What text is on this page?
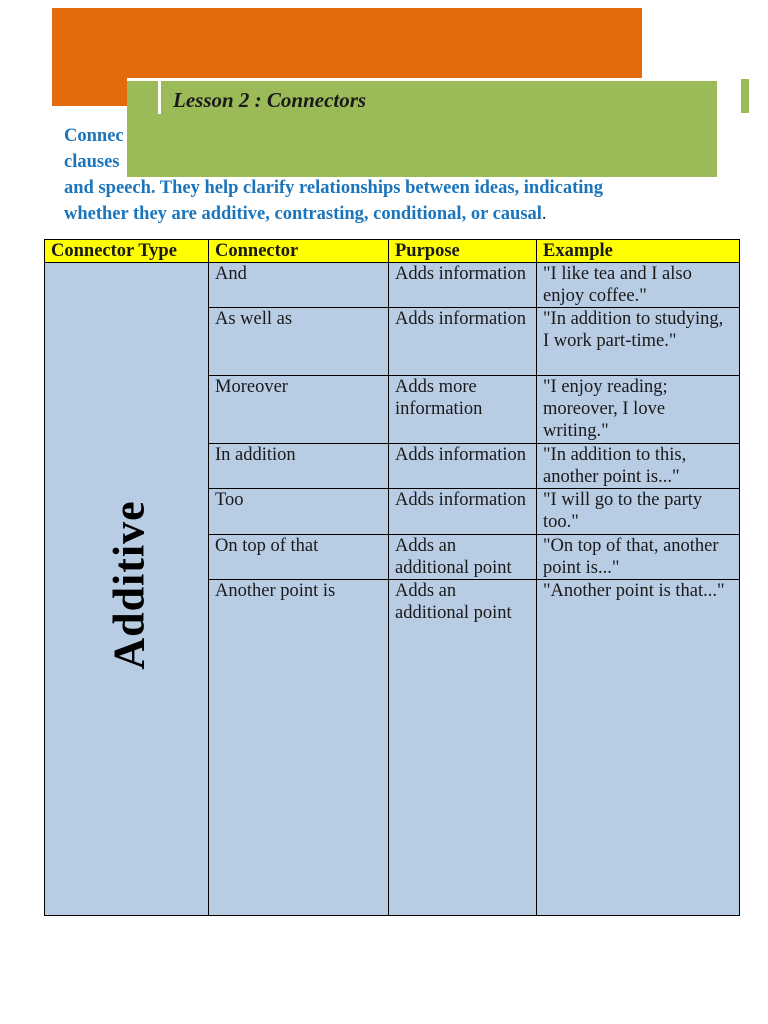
Lesson 2 : Connectors

Connec
clauses
and speech. They help clarify relationships between ideas, indicating
whether they are additive, contrasting, conditional, or causal.

Connector Type	Connector	Purpose	Example
Additive	And	Adds information	"I like tea and I also enjoy coffee."
	As well as	Adds information	"In addition to studying, I work part-time."
	Moreover	Adds more information	"I enjoy reading; moreover, I love writing."
	In addition	Adds information	"In addition to this, another point is..."
	Too	Adds information	"I will go to the party too."
	On top of that	Adds an additional point	"On top of that, another point is..."
	Another point is	Adds an additional point	"Another point is that..."
